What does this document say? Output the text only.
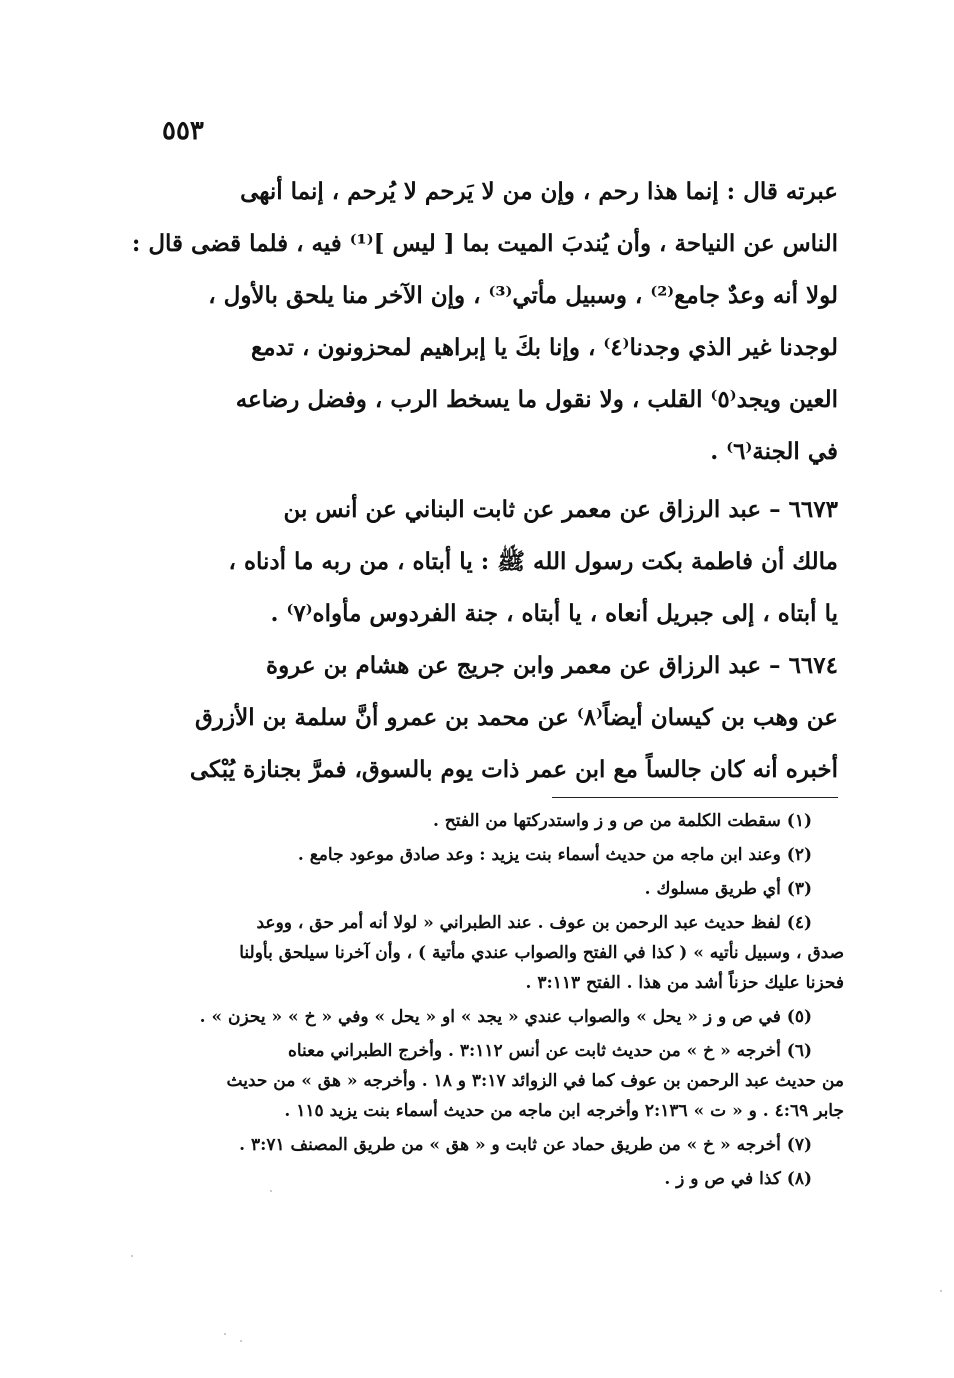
٥٥٣
عبرته قال : إنما هذا رحم ، وإن من لا يَرحم لا يُرحم ، إنما أنهى
الناس عن النياحة ، وأن يُندبَ الميت بما [ ليس ]⁽¹⁾ فيه ، فلما قضى قال :
لولا أنه وعدٌ جامع⁽²⁾ ، وسبيل مأتي⁽³⁾ ، وإن الآخر منا يلحق بالأول ،
لوجدنا غير الذي وجدنا⁽٤⁾ ، وإنا بكَ يا إبراهيم لمحزونون ، تدمع
العين ويجد⁽٥⁾ القلب ، ولا نقول ما يسخط الرب ، وفضل رضاعه
في الجنة⁽٦⁾ .
٦٦٧٣ – عبد الرزاق عن معمر عن ثابت البناني عن أنس بن
مالك أن فاطمة بكت رسول الله ﷺ : يا أبتاه ، من ربه ما أدناه ،
يا أبتاه ، إلى جبريل أنعاه ، يا أبتاه ، جنة الفردوس مأواه⁽٧⁾ .
٦٦٧٤ – عبد الرزاق عن معمر وابن جريج عن هشام بن عروة
عن وهب بن كيسان أيضاً⁽٨⁾ عن محمد بن عمرو أنَّ سلمة بن الأزرق
أخبره أنه كان جالساً مع ابن عمر ذات يوم بالسوق، فمرَّ بجنازة يُبْكى
(١) سقطت الكلمة من ص و ز واستدركتها من الفتح .
(٢) وعند ابن ماجه من حديث أسماء بنت يزيد : وعد صادق موعود جامع .
(٣) أي طريق مسلوك .
(٤) لفظ حديث عبد الرحمن بن عوف . عند الطبراني « لولا أنه أمر حق ، ووعد
صدق ، وسبيل نأتيه » ( كذا في الفتح والصواب عندي مأتية ) ، وأن آخرنا سيلحق بأولنا
فحزنا عليك حزناً أشد من هذا . الفتح ٣:١١٣ .
(٥) في ص و ز « يحل » والصواب عندي « يجد » او « يحل » وفي « خ » « يحزن » .
(٦) أخرجه « خ » من حديث ثابت عن أنس ٣:١١٢ . وأخرج الطبراني معناه
من حديث عبد الرحمن بن عوف كما في الزوائد ٣:١٧ و ١٨ . وأخرجه « هق » من حديث
جابر ٤:٦٩ . و « ت » ٢:١٣٦ وأخرجه ابن ماجه من حديث أسماء بنت يزيد ١١٥ .
(٧) أخرجه « خ » من طريق حماد عن ثابت و « هق » من طريق المصنف ٣:٧١ .
(٨) كذا في ص و ز .
